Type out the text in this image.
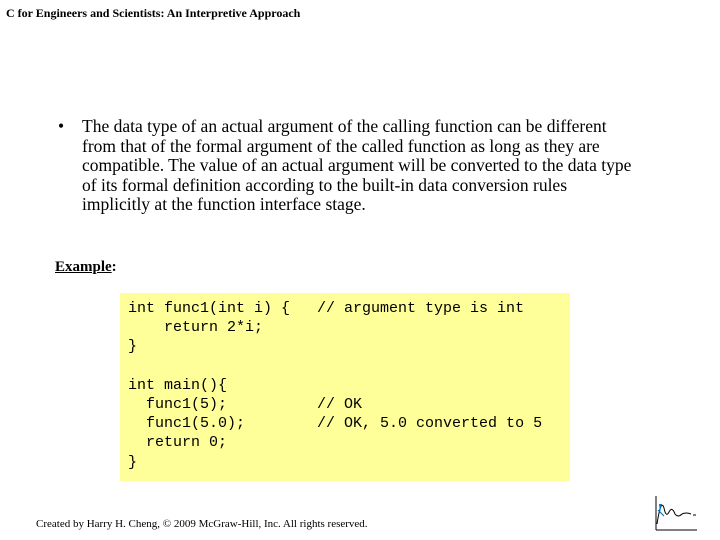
C for Engineers and Scientists: An Interpretive Approach
• The data type of an actual argument of the calling function can be different from that of the formal argument of the called function as long as they are compatible. The value of an actual argument will be converted to the data type of its formal definition according to the built-in data conversion rules implicitly at the function interface stage.
Example:
int func1(int i) {   // argument type is int
return 2*i;
}

int main(){
func1(5);          // OK
func1(5.0);        // OK, 5.0 converted to 5
return 0;
}
Created by Harry H. Cheng, © 2009 McGraw-Hill, Inc. All rights reserved.
